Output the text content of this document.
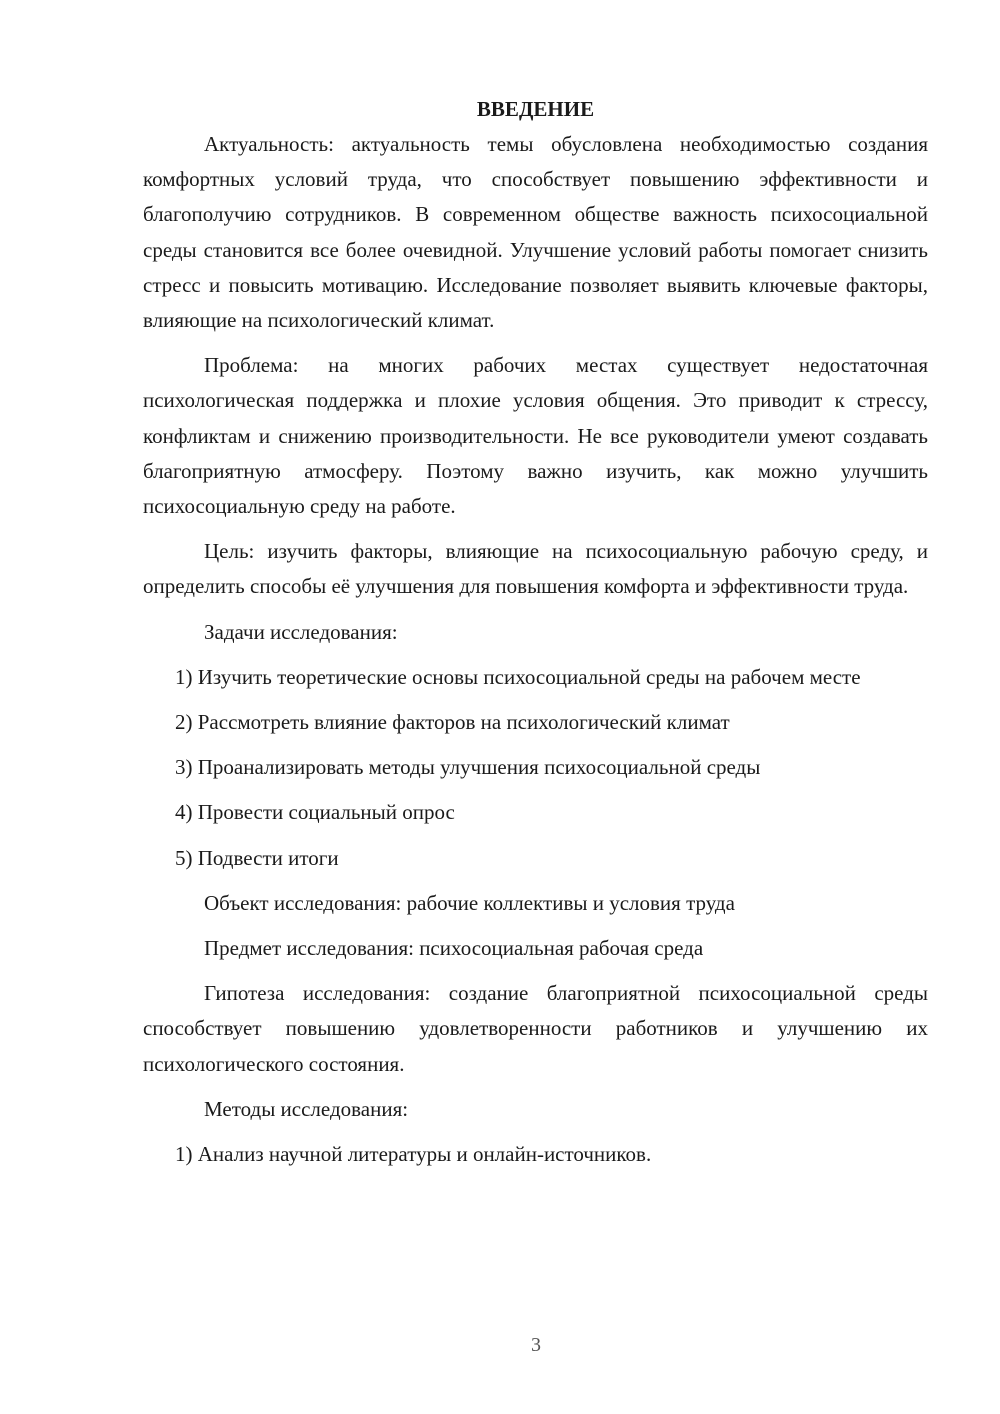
ВВЕДЕНИЕ

Актуальность: актуальность темы обусловлена необходимостью создания комфортных условий труда, что способствует повышению эффективности и благополучию сотрудников. В современном обществе важность психосоциальной среды становится все более очевидной. Улучшение условий работы помогает снизить стресс и повысить мотивацию. Исследование позволяет выявить ключевые факторы, влияющие на психологический климат.

Проблема: на многих рабочих местах существует недостаточная психологическая поддержка и плохие условия общения. Это приводит к стрессу, конфликтам и снижению производительности. Не все руководители умеют создавать благоприятную атмосферу. Поэтому важно изучить, как можно улучшить психосоциальную среду на работе.

Цель: изучить факторы, влияющие на психосоциальную рабочую среду, и определить способы её улучшения для повышения комфорта и эффективности труда.

Задачи исследования:

1) Изучить теоретические основы психосоциальной среды на рабочем месте

2) Рассмотреть влияние факторов на психологический климат

3) Проанализировать методы улучшения психосоциальной среды

4) Провести социальный опрос

5) Подвести итоги

Объект исследования: рабочие коллективы и условия труда

Предмет исследования: психосоциальная рабочая среда

Гипотеза исследования: создание благоприятной психосоциальной среды способствует повышению удовлетворенности работников и улучшению их психологического состояния.

Методы исследования:

1) Анализ научной литературы и онлайн-источников.

3
